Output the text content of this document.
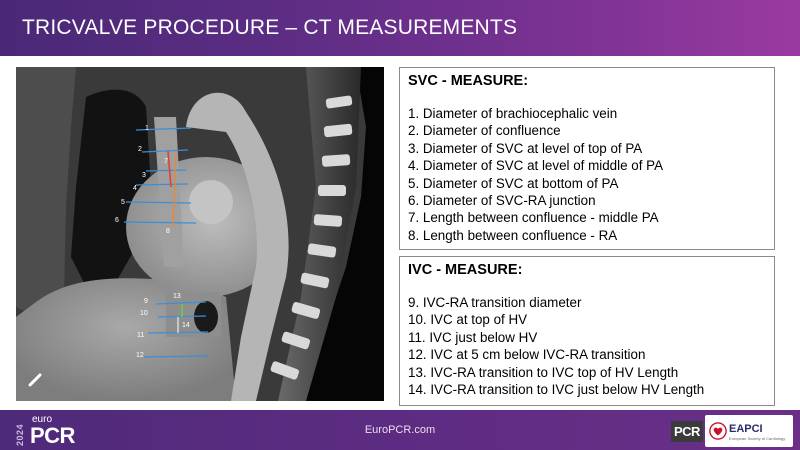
TRICVALVE PROCEDURE – CT MEASUREMENTS
1
2
3
4
5
6
7
8
9
10
11
12
13
14
SVC - MEASURE:
1. Diameter of brachiocephalic vein
2. Diameter of confluence
3. Diameter of SVC at level of top of PA
4. Diameter of SVC at level of middle of PA
5. Diameter of SVC at bottom of PA
6. Diameter of SVC-RA junction
7. Length between confluence - middle PA
8. Length between confluence - RA
IVC - MEASURE:
9. IVC-RA transition diameter
10. IVC at top of HV
11. IVC just below HV
12. IVC at 5 cm below IVC-RA transition
13. IVC-RA transition to IVC top of HV Length
14. IVC-RA transition to IVC just below HV Length
2024
euro
PCR	EuroPCR.com	PCR	EAPCI
European Society of Cardiology
